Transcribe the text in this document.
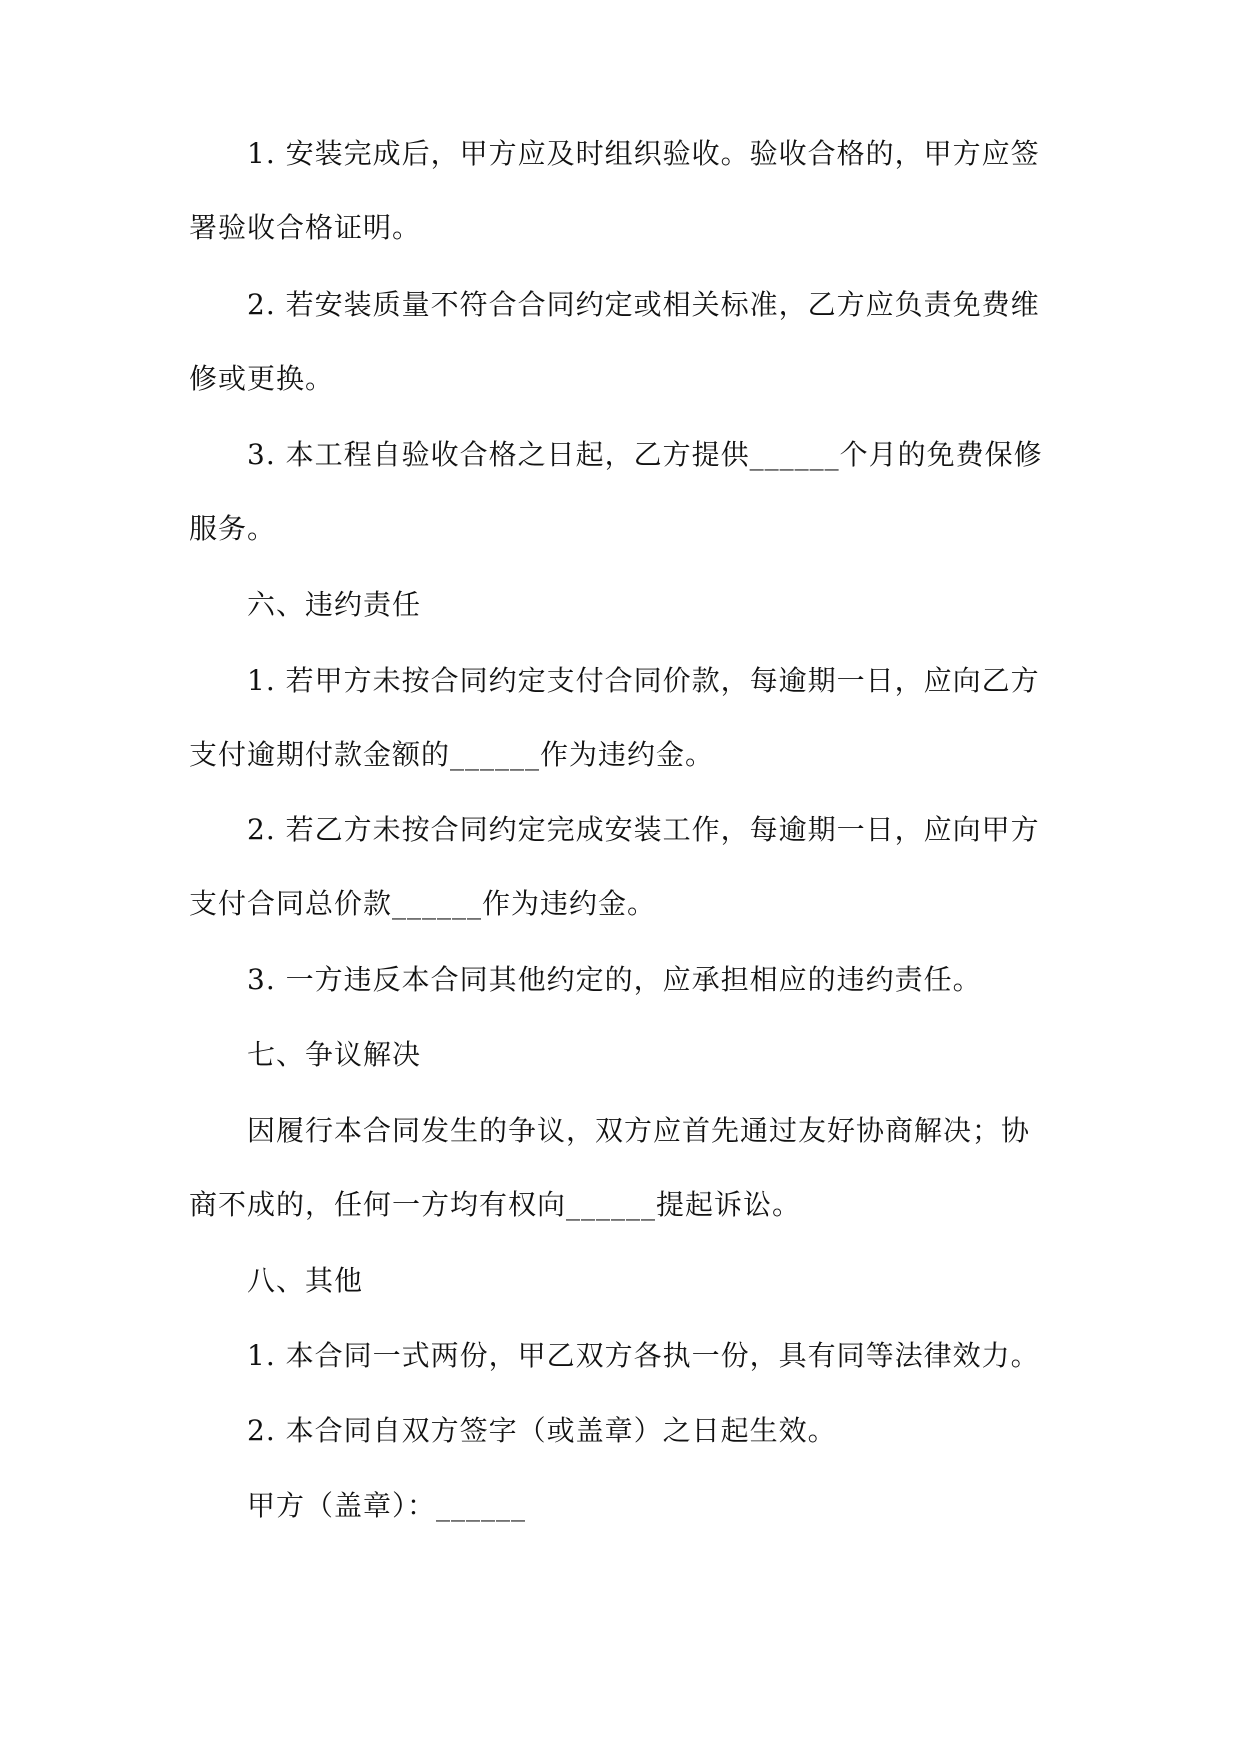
1. 安装完成后，甲方应及时组织验收。验收合格的，甲方应签署验收合格证明。

2. 若安装质量不符合合同约定或相关标准，乙方应负责免费维修或更换。

3. 本工程自验收合格之日起，乙方提供______个月的免费保修服务。

六、违约责任

1. 若甲方未按合同约定支付合同价款，每逾期一日，应向乙方支付逾期付款金额的______作为违约金。

2. 若乙方未按合同约定完成安装工作，每逾期一日，应向甲方支付合同总价款______作为违约金。

3. 一方违反本合同其他约定的，应承担相应的违约责任。

七、争议解决

因履行本合同发生的争议，双方应首先通过友好协商解决；协商不成的，任何一方均有权向______提起诉讼。

八、其他

1. 本合同一式两份，甲乙双方各执一份，具有同等法律效力。

2. 本合同自双方签字（或盖章）之日起生效。

甲方（盖章）：______
